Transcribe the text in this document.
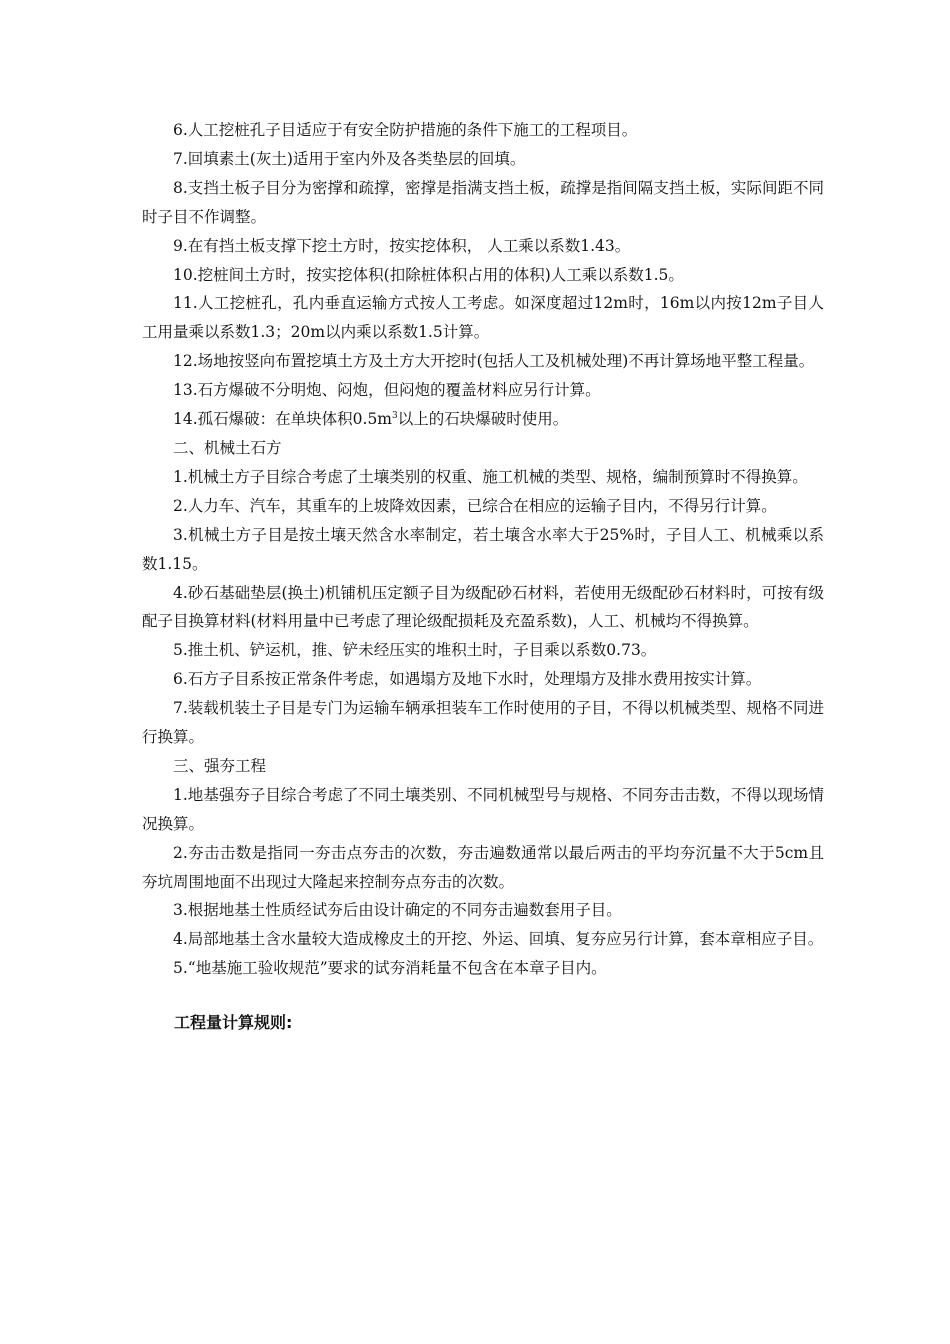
6.人工挖桩孔子目适应于有安全防护措施的条件下施工的工程项目。

7.回填素土(灰土)适用于室内外及各类垫层的回填。

8.支挡土板子目分为密撑和疏撑，密撑是指满支挡土板，疏撑是指间隔支挡土板，实际间距不同时子目不作调整。

9.在有挡土板支撑下挖土方时，按实挖体积， 人工乘以系数1.43。

10.挖桩间土方时，按实挖体积(扣除桩体积占用的体积)人工乘以系数1.5。

11.人工挖桩孔，孔内垂直运输方式按人工考虑。如深度超过12m时，16m以内按12m子目人工用量乘以系数1.3；20m以内乘以系数1.5计算。

12.场地按竖向布置挖填土方及土方大开挖时(包括人工及机械处理)不再计算场地平整工程量。

13.石方爆破不分明炮、闷炮，但闷炮的覆盖材料应另行计算。

14.孤石爆破：在单块体积$0.5m^3$以上的石块爆破时使用。

二、机械土石方

1.机械土方子目综合考虑了土壤类别的权重、施工机械的类型、规格，编制预算时不得换算。

2.人力车、汽车，其重车的上坡降效因素，已综合在相应的运输子目内，不得另行计算。

3.机械土方子目是按土壤天然含水率制定，若土壤含水率大于25%时，子目人工、机械乘以系数1.15。

4.砂石基础垫层(换土)机铺机压定额子目为级配砂石材料，若使用无级配砂石材料时，可按有级配子目换算材料(材料用量中已考虑了理论级配损耗及充盈系数)，人工、机械均不得换算。

5.推土机、铲运机，推、铲未经压实的堆积土时，子目乘以系数0.73。

6.石方子目系按正常条件考虑，如遇塌方及地下水时，处理塌方及排水费用按实计算。

7.装载机装土子目是专门为运输车辆承担装车工作时使用的子目，不得以机械类型、规格不同进行换算。

三、强夯工程

1.地基强夯子目综合考虑了不同土壤类别、不同机械型号与规格、不同夯击击数，不得以现场情况换算。

2.夯击击数是指同一夯击点夯击的次数，夯击遍数通常以最后两击的平均夯沉量不大于5cm且夯坑周围地面不出现过大隆起来控制夯点夯击的次数。

3.根据地基土性质经试夯后由设计确定的不同夯击遍数套用子目。

4.局部地基土含水量较大造成橡皮土的开挖、外运、回填、复夯应另行计算，套本章相应子目。

5.“地基施工验收规范”要求的试夯消耗量不包含在本章子目内。

工程量计算规则:
